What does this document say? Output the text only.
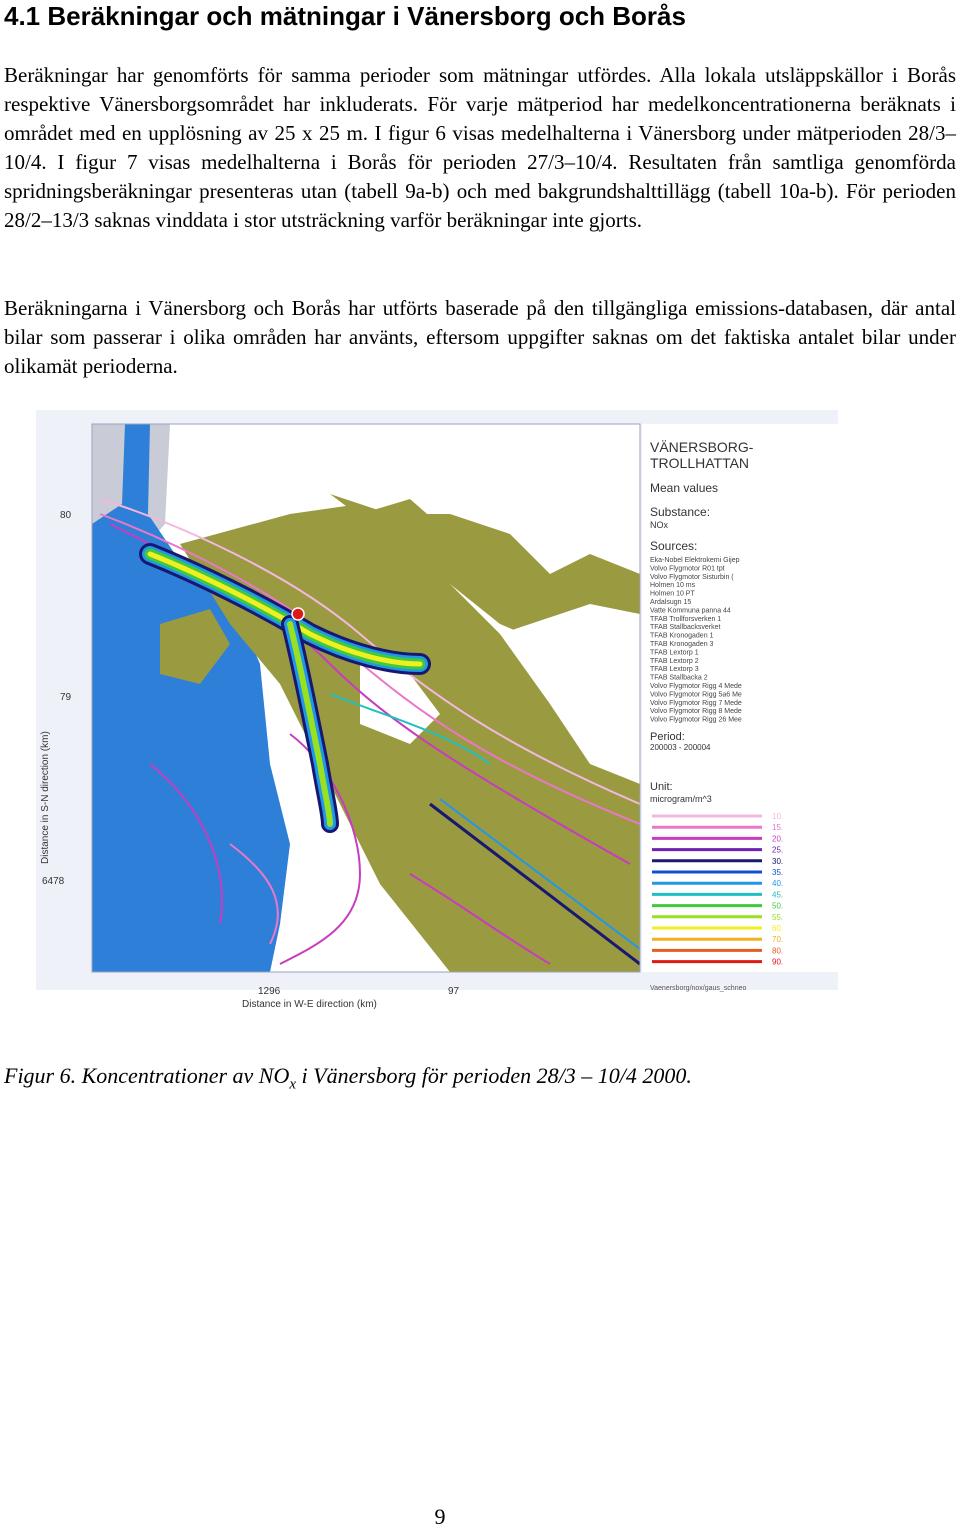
4.1 Beräkningar och mätningar i Vänersborg och Borås

Beräkningar har genomförts för samma perioder som mätningar utfördes. Alla lokala utsläppskällor i Borås respektive Vänersborgsområdet har inkluderats. För varje mätperiod har medelkoncentrationerna beräknats i området med en upplösning av 25 x 25 m. I figur 6 visas medelhalterna i Vänersborg under mätperioden 28/3–10/4. I figur 7 visas medelhalterna i Borås för perioden 27/3–10/4. Resultaten från samtliga genomförda spridningsberäkningar presenteras utan (tabell 9a-b) och med bakgrundshalttillägg (tabell 10a-b). För perioden 28/2–13/3 saknas vinddata i stor utsträckning varför beräkningar inte gjorts.

Beräkningarna i Vänersborg och Borås har utförts baserade på den tillgängliga emissions-databasen, där antal bilar som passerar i olika områden har använts, eftersom uppgifter saknas om det faktiska antalet bilar under olikamät perioderna.

VÄNERSBORG-
TROLLHATTAN
Mean values
Substance:
NOx
Sources:
Eka-Nobel Elektrokemi Gijep
Volvo Flygmotor R01 tpt
Volvo Flygmotor Sisturbin (
Holmen 10 ms
Holmen 10 PT
Ardalsugn 15
Vatte Kommuna panna 44
TFAB Trollforsverken 1
TFAB Stallbacksverket
TFAB Kronogaden 1
TFAB Kronogaden 3
TFAB Lextorp 1
TFAB Lextorp 2
TFAB Lextorp 3
TFAB Stallbacka 2
Volvo Flygmotor Rigg 4 Mede
Volvo Flygmotor Rigg 5a6 Me
Volvo Flygmotor Rigg 7 Mede
Volvo Flygmotor Rigg 8 Mede
Volvo Flygmotor Rigg 26 Mee
Period:
200003 - 200004
Unit:
microgram/m^3
10.
15.
20.
25.
30.
35.
40.
45.
50.
55.
60.
70.
80.
90.
Vaenersborg/nox/gaus_schneo
80
79
6478
Distance in S-N direction (km)
1296	97
Distance in W-E direction (km)

Figur 6. Koncentrationer av $NO_x$ i Vänersborg för perioden 28/3 – 10/4 2000.

9
